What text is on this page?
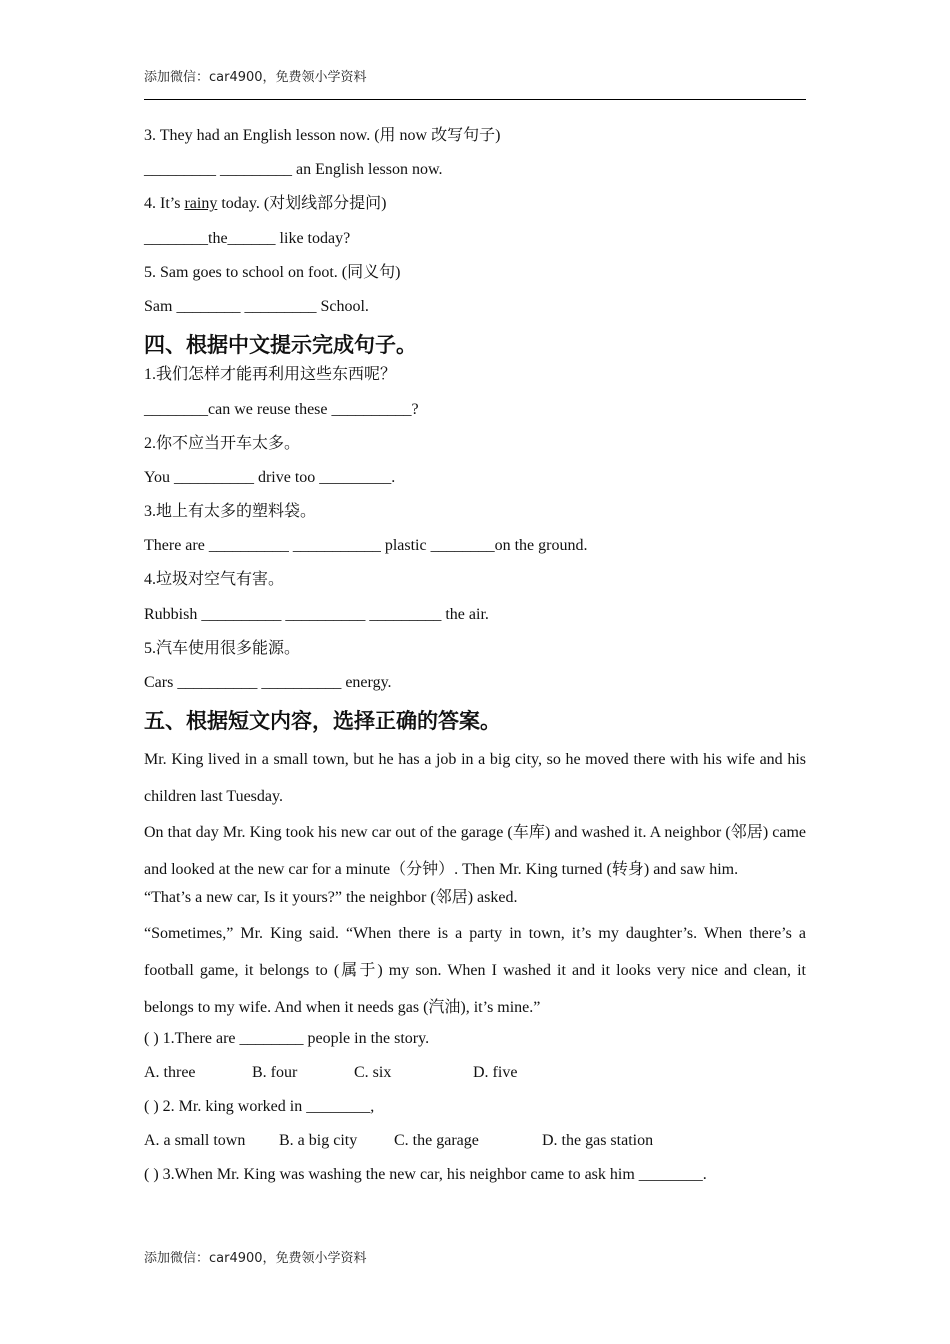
添加微信：car4900，免费领小学资料
3. They had an English lesson now. (用 now 改写句子)
_________ _________ an English lesson now.
4. It’s rainy today. (对划线部分提问)
________the______ like today?
5. Sam goes to school on foot. (同义句)
Sam ________ _________ School.
四、根据中文提示完成句子。
1.我们怎样才能再利用这些东西呢？
________can we reuse these __________?
2.你不应当开车太多。
You __________ drive too _________.
3.地上有太多的塑料袋。
There are __________ ___________ plastic ________on the ground.
4.垃圾对空气有害。
Rubbish __________ __________ _________ the air.
5.汽车使用很多能源。
Cars __________ __________ energy.
五、根据短文内容，选择正确的答案。
Mr. King lived in a small town, but he has a job in a big city, so he moved there with his wife and his children last Tuesday.
On that day Mr. King took his new car out of the garage (车库) and washed it. A neighbor (邻居) came and looked at the new car for a minute（分钟）. Then Mr. King turned (转身) and saw him.
“That’s a new car, Is it yours?” the neighbor (邻居) asked.
“Sometimes,” Mr. King said. “When there is a party in town, it’s my daughter’s. When there’s a football game, it belongs to (属于) my son. When I washed it and it looks very nice and clean, it belongs to my wife. And when it needs gas (汽油), it’s mine.”
( ) 1.There are ________ people in the story.
A. three	B. four	C. six	D. five
( ) 2. Mr. king worked in ________,
A. a small town B. a big city C. the garage	D. the gas station
( ) 3.When Mr. King was washing the new car, his neighbor came to ask him ________.
添加微信：car4900，免费领小学资料
